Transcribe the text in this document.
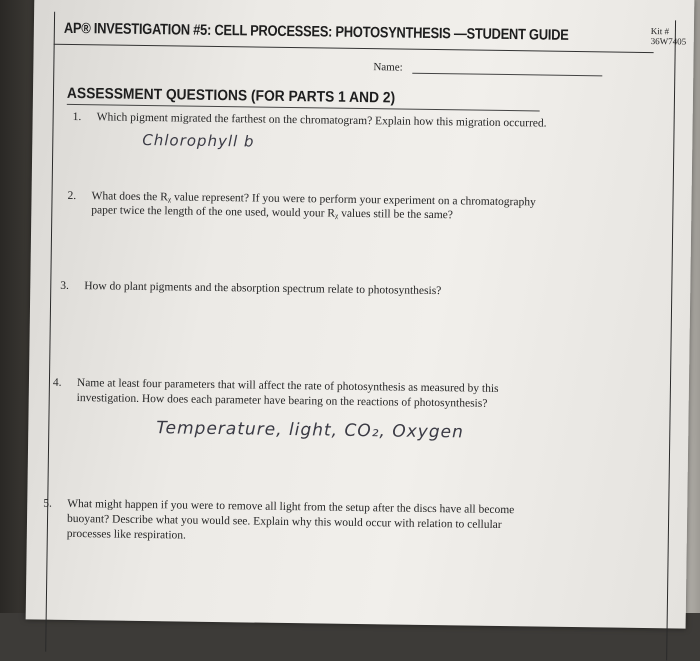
AP® INVESTIGATION #5: CELL PROCESSES: PHOTOSYNTHESIS —STUDENT GUIDE	Kit # 36W7405
Name:
ASSESSMENT QUESTIONS (FOR PARTS 1 AND 2)
1. Which pigment migrated the farthest on the chromatogram? Explain how this migration occurred.
Chlorophyll b
2. What does the Rᵪ value represent? If you were to perform your experiment on a chromatography
paper twice the length of the one used, would your Rᵪ values still be the same?
3. How do plant pigments and the absorption spectrum relate to photosynthesis?
4. Name at least four parameters that will affect the rate of photosynthesis as measured by this
investigation. How does each parameter have bearing on the reactions of photosynthesis?
Temperature, light, CO₂, Oxygen
5. What might happen if you were to remove all light from the setup after the discs have all become
buoyant? Describe what you would see. Explain why this would occur with relation to cellular
processes like respiration.
